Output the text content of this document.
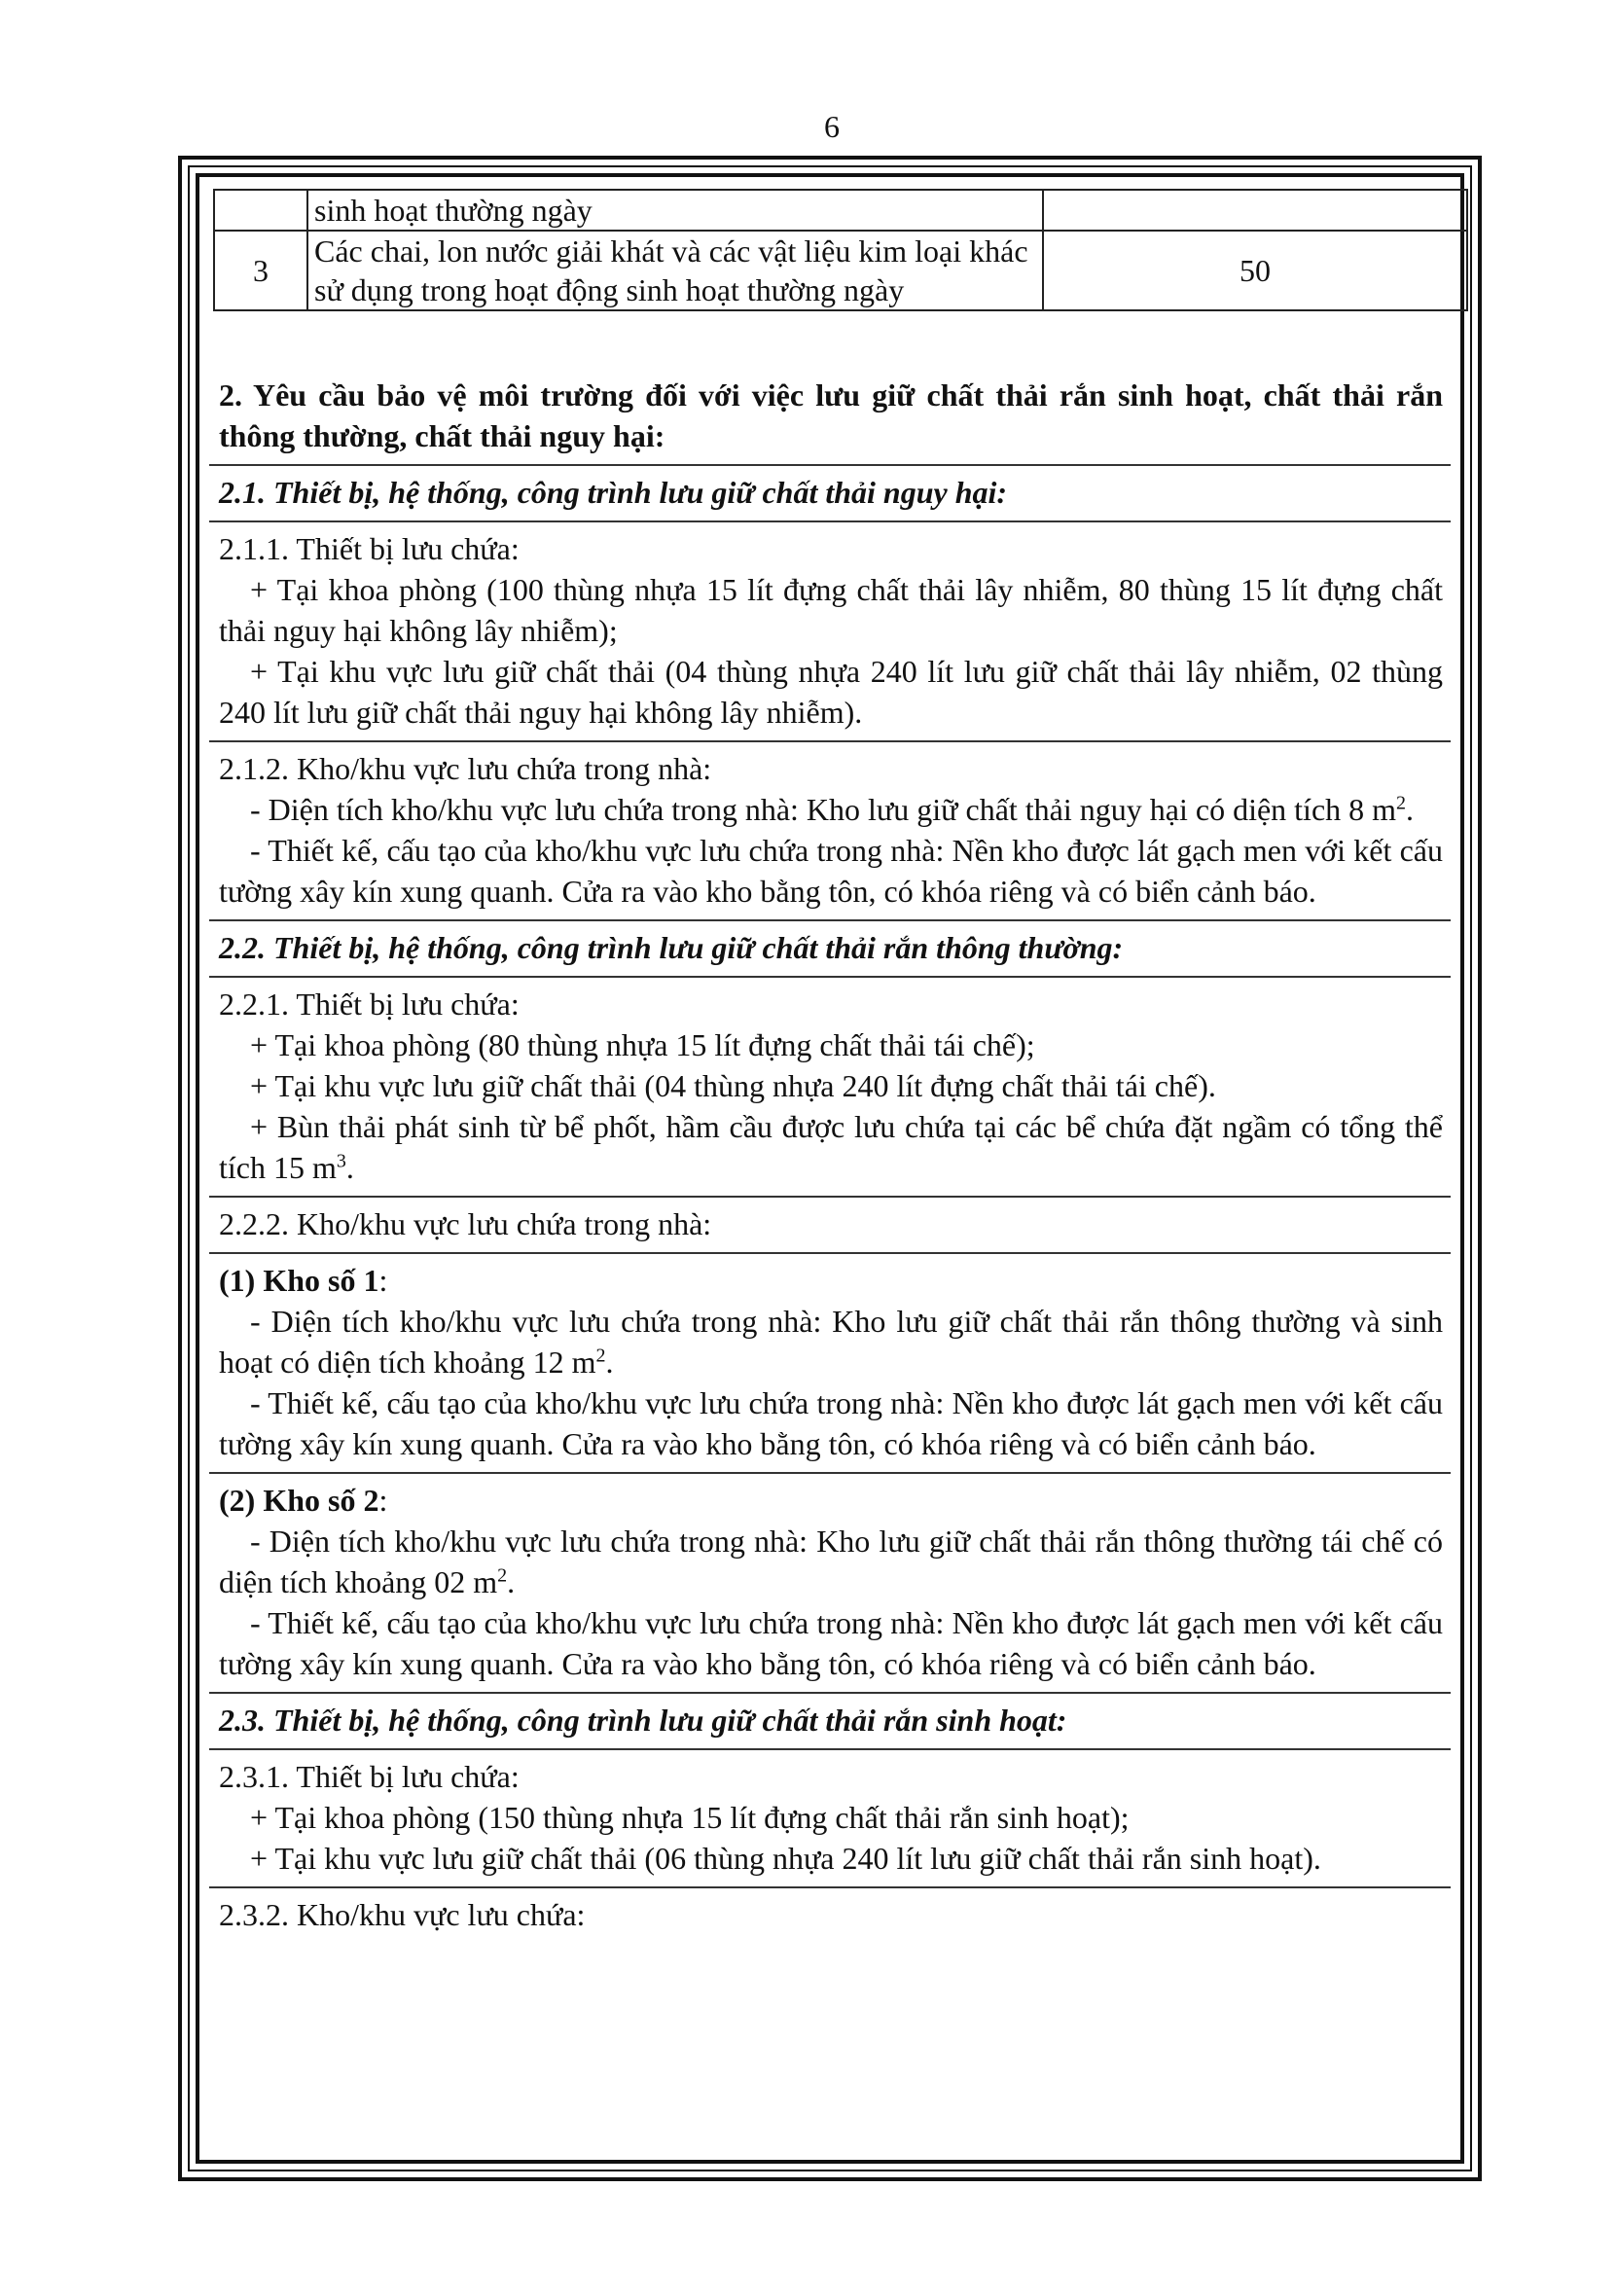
6
	sinh hoạt thường ngày	
3	Các chai, lon nước giải khát và các vật liệu kim loại khác sử dụng trong hoạt động sinh hoạt thường ngày	50
2. Yêu cầu bảo vệ môi trường đối với việc lưu giữ chất thải rắn sinh hoạt, chất thải rắn thông thường, chất thải nguy hại:
2.1. Thiết bị, hệ thống, công trình lưu giữ chất thải nguy hại:
2.1.1. Thiết bị lưu chứa:
+ Tại khoa phòng (100 thùng nhựa 15 lít đựng chất thải lây nhiễm, 80 thùng 15 lít đựng chất thải nguy hại không lây nhiễm);
+ Tại khu vực lưu giữ chất thải (04 thùng nhựa 240 lít lưu giữ chất thải lây nhiễm, 02 thùng 240 lít lưu giữ chất thải nguy hại không lây nhiễm).
2.1.2. Kho/khu vực lưu chứa trong nhà:
- Diện tích kho/khu vực lưu chứa trong nhà: Kho lưu giữ chất thải nguy hại có diện tích 8 $m^2$.
- Thiết kế, cấu tạo của kho/khu vực lưu chứa trong nhà: Nền kho được lát gạch men với kết cấu tường xây kín xung quanh. Cửa ra vào kho bằng tôn, có khóa riêng và có biển cảnh báo.
2.2. Thiết bị, hệ thống, công trình lưu giữ chất thải rắn thông thường:
2.2.1. Thiết bị lưu chứa:
+ Tại khoa phòng (80 thùng nhựa 15 lít đựng chất thải tái chế);
+ Tại khu vực lưu giữ chất thải (04 thùng nhựa 240 lít đựng chất thải tái chế).
+ Bùn thải phát sinh từ bể phốt, hầm cầu được lưu chứa tại các bể chứa đặt ngầm có tổng thể tích 15 $m^3$.
2.2.2. Kho/khu vực lưu chứa trong nhà:
(1) Kho số 1:
- Diện tích kho/khu vực lưu chứa trong nhà: Kho lưu giữ chất thải rắn thông thường và sinh hoạt có diện tích khoảng 12 $m^2$.
- Thiết kế, cấu tạo của kho/khu vực lưu chứa trong nhà: Nền kho được lát gạch men với kết cấu tường xây kín xung quanh. Cửa ra vào kho bằng tôn, có khóa riêng và có biển cảnh báo.
(2) Kho số 2:
- Diện tích kho/khu vực lưu chứa trong nhà: Kho lưu giữ chất thải rắn thông thường tái chế có diện tích khoảng 02 $m^2$.
- Thiết kế, cấu tạo của kho/khu vực lưu chứa trong nhà: Nền kho được lát gạch men với kết cấu tường xây kín xung quanh. Cửa ra vào kho bằng tôn, có khóa riêng và có biển cảnh báo.
2.3. Thiết bị, hệ thống, công trình lưu giữ chất thải rắn sinh hoạt:
2.3.1. Thiết bị lưu chứa:
+ Tại khoa phòng (150 thùng nhựa 15 lít đựng chất thải rắn sinh hoạt);
+ Tại khu vực lưu giữ chất thải (06 thùng nhựa 240 lít lưu giữ chất thải rắn sinh hoạt).
2.3.2. Kho/khu vực lưu chứa:
